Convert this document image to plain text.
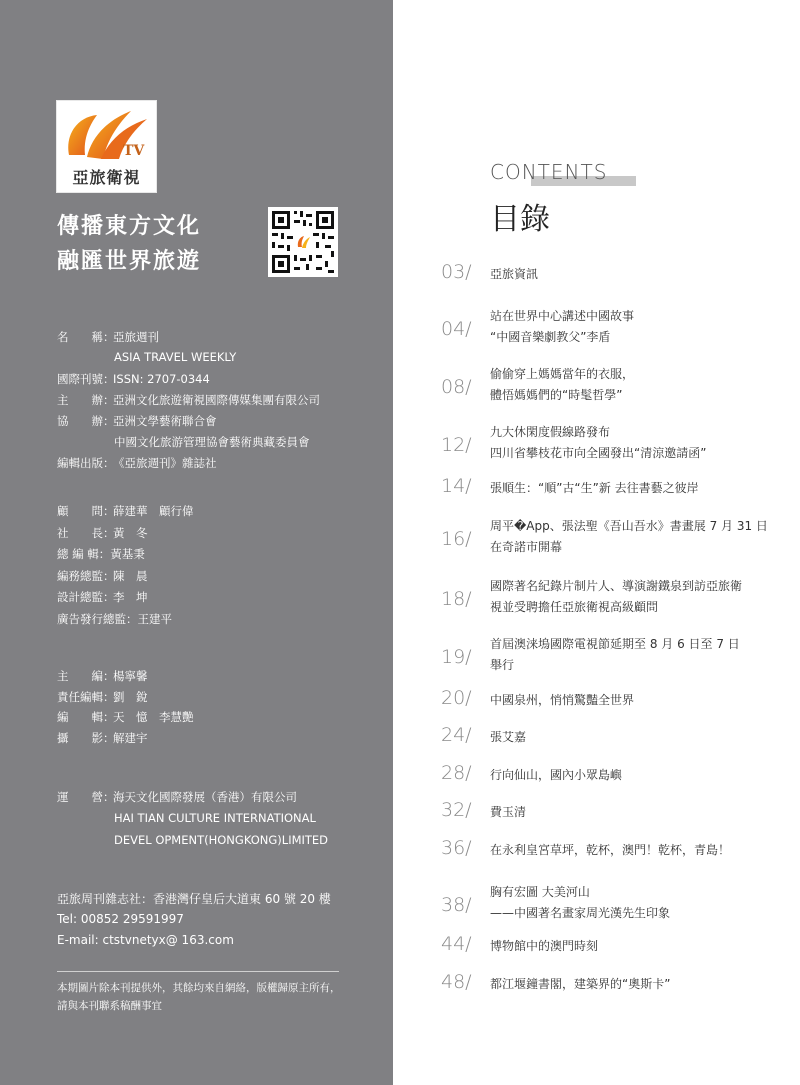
TV
亞旅衛視
傳播東方文化
融匯世界旅遊
名　　稱：亞旅週刊
ASIA TRAVEL WEEKLY
國際刊號：ISSN: 2707-0344
主　　辦：亞洲文化旅遊衛視國際傳媒集團有限公司
協　　辦：亞洲文學藝術聯合會
中國文化旅游管理協會藝術典藏委員會
編輯出版：《亞旅週刊》雜誌社
顧　　問：薛建華　顧行偉
社　　長：黃　冬
總 編 輯：黃基秉
編務總監：陳　晨
設計總監：李　坤
廣告發行總監：王建平
主　　編：楊寧馨
責任編輯：劉　銳
編　　輯：天　憶　李慧艷
攝　　影：解建宇
運　　營：海天文化國際發展（香港）有限公司
HAI TIAN CULTURE INTERNATIONAL
DEVEL OPMENT(HONGKONG)LIMITED
亞旅周刊雜志社：香港灣仔皇后大道東 60 號 20 樓
Tel: 00852 29591997
E-mail: ctstvnetyx@ 163.com
本期圖片除本刊提供外，其餘均來自網絡，版權歸原主所有，
請與本刊聯系稿酬事宜
CONTENTS
目錄
03/ 亞旅資訊
04/
站在世界中心講述中國故事
“中國音樂劇教父”李盾
08/
偷偷穿上媽媽當年的衣服，
體悟媽媽們的“時髦哲學”
12/
九大休閑度假線路發布
四川省攀枝花市向全國發出“清涼邀請函”
14/ 張順生：“順”古“生”新 去往書藝之彼岸
16/
周平�App、張法聖《吾山吾水》書畫展 7 月 31 日
在奇諾市開幕
18/
國際著名紀錄片制片人、導演謝鐵泉到訪亞旅衛
視並受聘擔任亞旅衛視高級顧問
19/
首屆澳涞塢國際電視節延期至 8 月 6 日至 7 日
舉行
20/ 中國泉州，悄悄驚豔全世界
24/ 張艾嘉
28/ 行向仙山，國內小眾島嶼
32/ 費玉清
36/ 在永利皇宮草坪，乾杯，澳門！乾杯，青島！
38/
胸有宏圖 大美河山
——中國著名畫家周光漢先生印象
44/ 博物館中的澳門時刻
48/ 都江堰鐘書閣，建築界的“奧斯卡”
